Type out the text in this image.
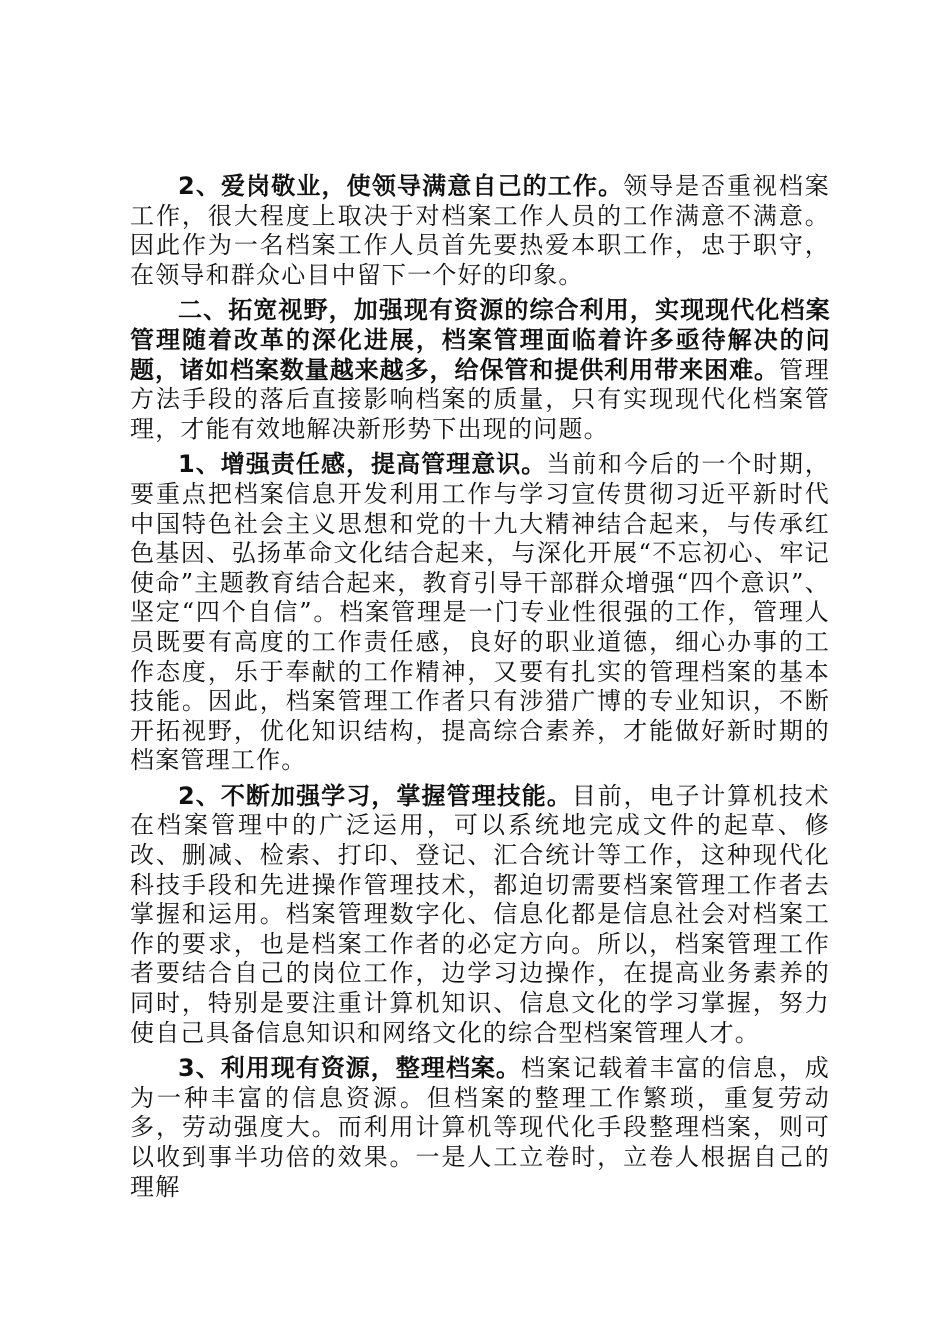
2、爱岗敬业，使领导满意自己的工作。领导是否重视档案工作，很大程度上取决于对档案工作人员的工作满意不满意。因此作为一名档案工作人员首先要热爱本职工作，忠于职守，在领导和群众心目中留下一个好的印象。

二、拓宽视野，加强现有资源的综合利用，实现现代化档案管理随着改革的深化进展，档案管理面临着许多亟待解决的问题，诸如档案数量越来越多，给保管和提供利用带来困难。管理方法手段的落后直接影响档案的质量，只有实现现代化档案管理，才能有效地解决新形势下出现的问题。

1、增强责任感，提高管理意识。当前和今后的一个时期，要重点把档案信息开发利用工作与学习宣传贯彻习近平新时代中国特色社会主义思想和党的十九大精神结合起来，与传承红色基因、弘扬革命文化结合起来，与深化开展“不忘初心、牢记使命”主题教育结合起来，教育引导干部群众增强“四个意识”、坚定“四个自信”。档案管理是一门专业性很强的工作，管理人员既要有高度的工作责任感，良好的职业道德，细心办事的工作态度，乐于奉献的工作精神，又要有扎实的管理档案的基本技能。因此，档案管理工作者只有涉猎广博的专业知识，不断开拓视野，优化知识结构，提高综合素养，才能做好新时期的档案管理工作。

2、不断加强学习，掌握管理技能。目前，电子计算机技术在档案管理中的广泛运用，可以系统地完成文件的起草、修改、删减、检索、打印、登记、汇合统计等工作，这种现代化科技手段和先进操作管理技术，都迫切需要档案管理工作者去掌握和运用。档案管理数字化、信息化都是信息社会对档案工作的要求，也是档案工作者的必定方向。所以，档案管理工作者要结合自己的岗位工作，边学习边操作，在提高业务素养的同时，特别是要注重计算机知识、信息文化的学习掌握，努力使自己具备信息知识和网络文化的综合型档案管理人才。

3、利用现有资源，整理档案。档案记载着丰富的信息，成为一种丰富的信息资源。但档案的整理工作繁琐，重复劳动多，劳动强度大。而利用计算机等现代化手段整理档案，则可以收到事半功倍的效果。一是人工立卷时，立卷人根据自己的理解
